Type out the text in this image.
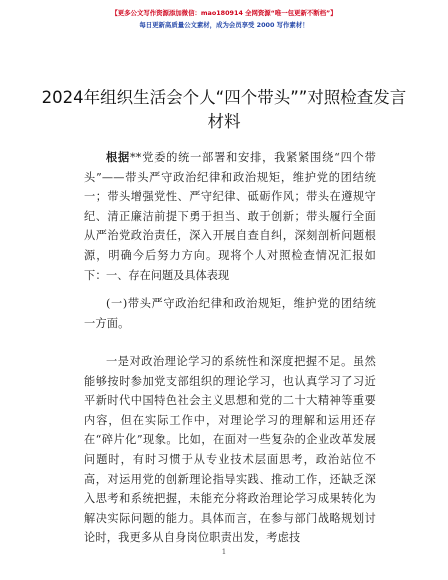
【更多公文写作资源添加微信：mao180914 全网资源“唯一包更新不断档”】
每日更新高质量公文素材，成为会员享受 2000 写作素材！
2024年组织生活会个人“四个带头””对照检查发言材料
根据**党委的统一部署和安排，我紧紧围绕“四个带头”——带头严守政治纪律和政治规矩，维护党的团结统一；带头增强党性、严守纪律、砥砺作风；带头在遵规守纪、清正廉洁前提下勇于担当、敢于创新；带头履行全面从严治党政治责任，深入开展自查自纠，深刻剖析问题根源，明确今后努力方向。现将个人对照检查情况汇报如下： 一、存在问题及具体表现
(一)带头严守政治纪律和政治规矩，维护党的团结统一方面。
一是对政治理论学习的系统性和深度把握不足。虽然能够按时参加党支部组织的理论学习，也认真学习了习近平新时代中国特色社会主义思想和党的二十大精神等重要内容，但在实际工作中，对理论学习的理解和运用还存在“碎片化”现象。比如，在面对一些复杂的企业改革发展问题时，有时习惯于从专业技术层面思考，政治站位不高，对运用党的创新理论指导实践、推动工作，还缺乏深入思考和系统把握，未能充分将政治理论学习成果转化为解决实际问题的能力。具体而言，在参与部门战略规划讨论时，我更多从自身岗位职责出发，考虑技
1
